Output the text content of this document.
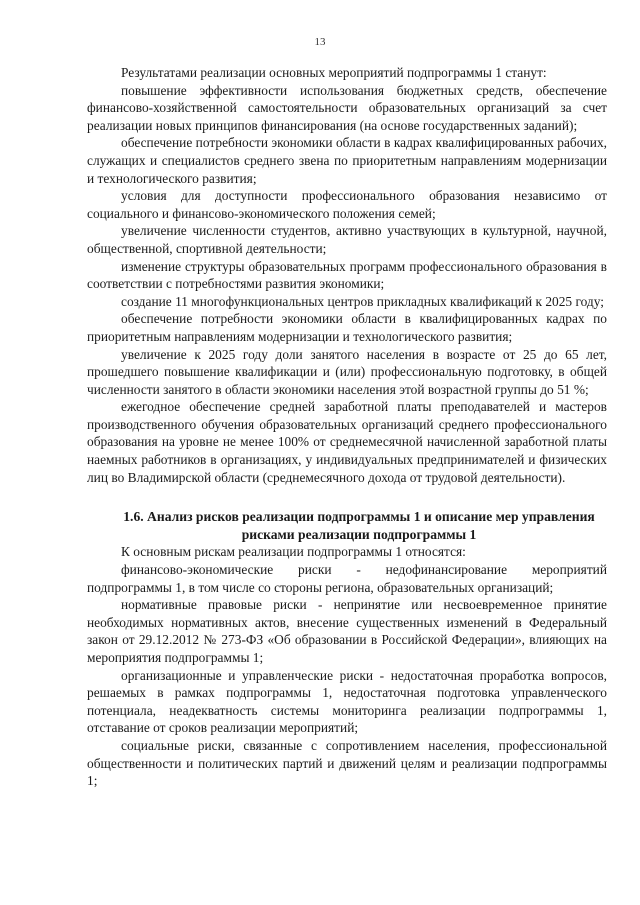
13

Результатами реализации основных мероприятий подпрограммы 1 станут:

повышение эффективности использования бюджетных средств, обеспечение финансово-хозяйственной самостоятельности образовательных организаций за счет реализации новых принципов финансирования (на основе государственных заданий);

обеспечение потребности экономики области в кадрах квалифицированных рабочих, служащих и специалистов среднего звена по приоритетным направлениям модернизации и технологического развития;

условия для доступности профессионального образования независимо от социального и финансово-экономического положения семей;

увеличение численности студентов, активно участвующих в культурной, научной, общественной, спортивной деятельности;

изменение структуры образовательных программ профессионального образования в соответствии с потребностями развития экономики;

создание 11 многофункциональных центров прикладных квалификаций к 2025 году;

обеспечение потребности экономики области в квалифицированных кадрах по приоритетным направлениям модернизации и технологического развития;

увеличение к 2025 году доли занятого населения в возрасте от 25 до 65 лет, прошедшего повышение квалификации и (или) профессиональную подготовку, в общей численности занятого в области экономики населения этой возрастной группы до 51 %;

ежегодное обеспечение средней заработной платы преподавателей и мастеров производственного обучения образовательных организаций среднего профессионального образования на уровне не менее 100% от среднемесячной начисленной заработной платы наемных работников в организациях, у индивидуальных предпринимателей и физических лиц во Владимирской области (среднемесячного дохода от трудовой деятельности).

1.6. Анализ рисков реализации подпрограммы 1 и описание мер управления рисками реализации подпрограммы 1

К основным рискам реализации подпрограммы 1 относятся:

финансово-экономические риски - недофинансирование мероприятий подпрограммы 1, в том числе со стороны региона, образовательных организаций;

нормативные правовые риски - непринятие или несвоевременное принятие необходимых нормативных актов, внесение существенных изменений в Федеральный закон от 29.12.2012 № 273-ФЗ «Об образовании в Российской Федерации», влияющих на мероприятия подпрограммы 1;

организационные и управленческие риски - недостаточная проработка вопросов, решаемых в рамках подпрограммы 1, недостаточная подготовка управленческого потенциала, неадекватность системы мониторинга реализации подпрограммы 1, отставание от сроков реализации мероприятий;

социальные риски, связанные с сопротивлением населения, профессиональной общественности и политических партий и движений целям и реализации подпрограммы 1;
